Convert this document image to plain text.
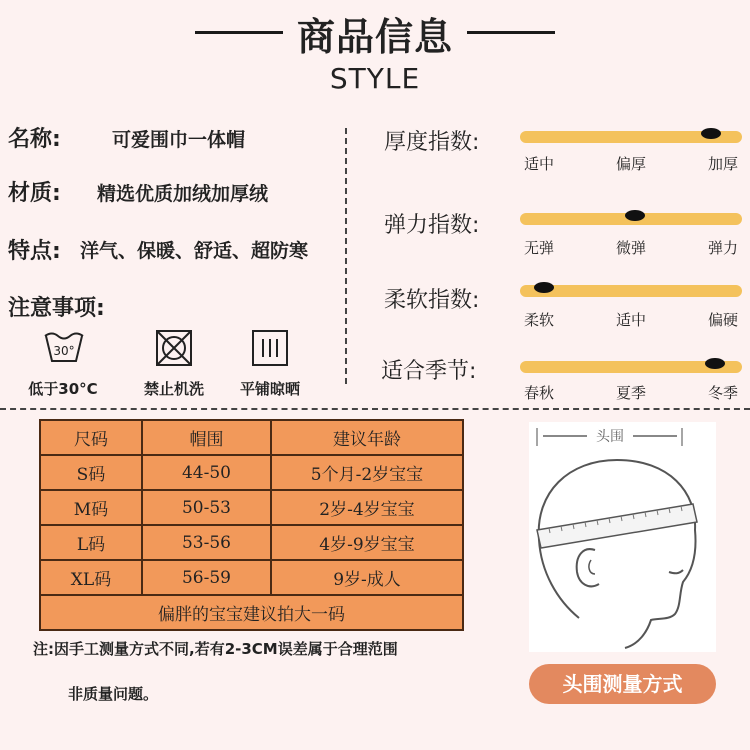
商品信息
STYLE
名称:	可爱围巾一体帽
材质: 精选优质加绒加厚绒
特点: 洋气、保暖、舒适、超防寒
注意事项:
30°
低于30°C	禁止机洗	平铺晾晒
厚度指数:
适中	偏厚	加厚
弹力指数:
无弹	微弹	弹力
柔软指数:
柔软	适中	偏硬
适合季节:
春秋	夏季	冬季
尺码	帽围	建议年龄
S码	44-50	5个月-2岁宝宝
M码	50-53	2岁-4岁宝宝
L码	53-56	4岁-9岁宝宝
XL码	56-59	9岁-成人
偏胖的宝宝建议拍大一码		
注:因手工测量方式不同,若有2-3CM误差属于合理范围
非质量问题。
头围
头围测量方式
